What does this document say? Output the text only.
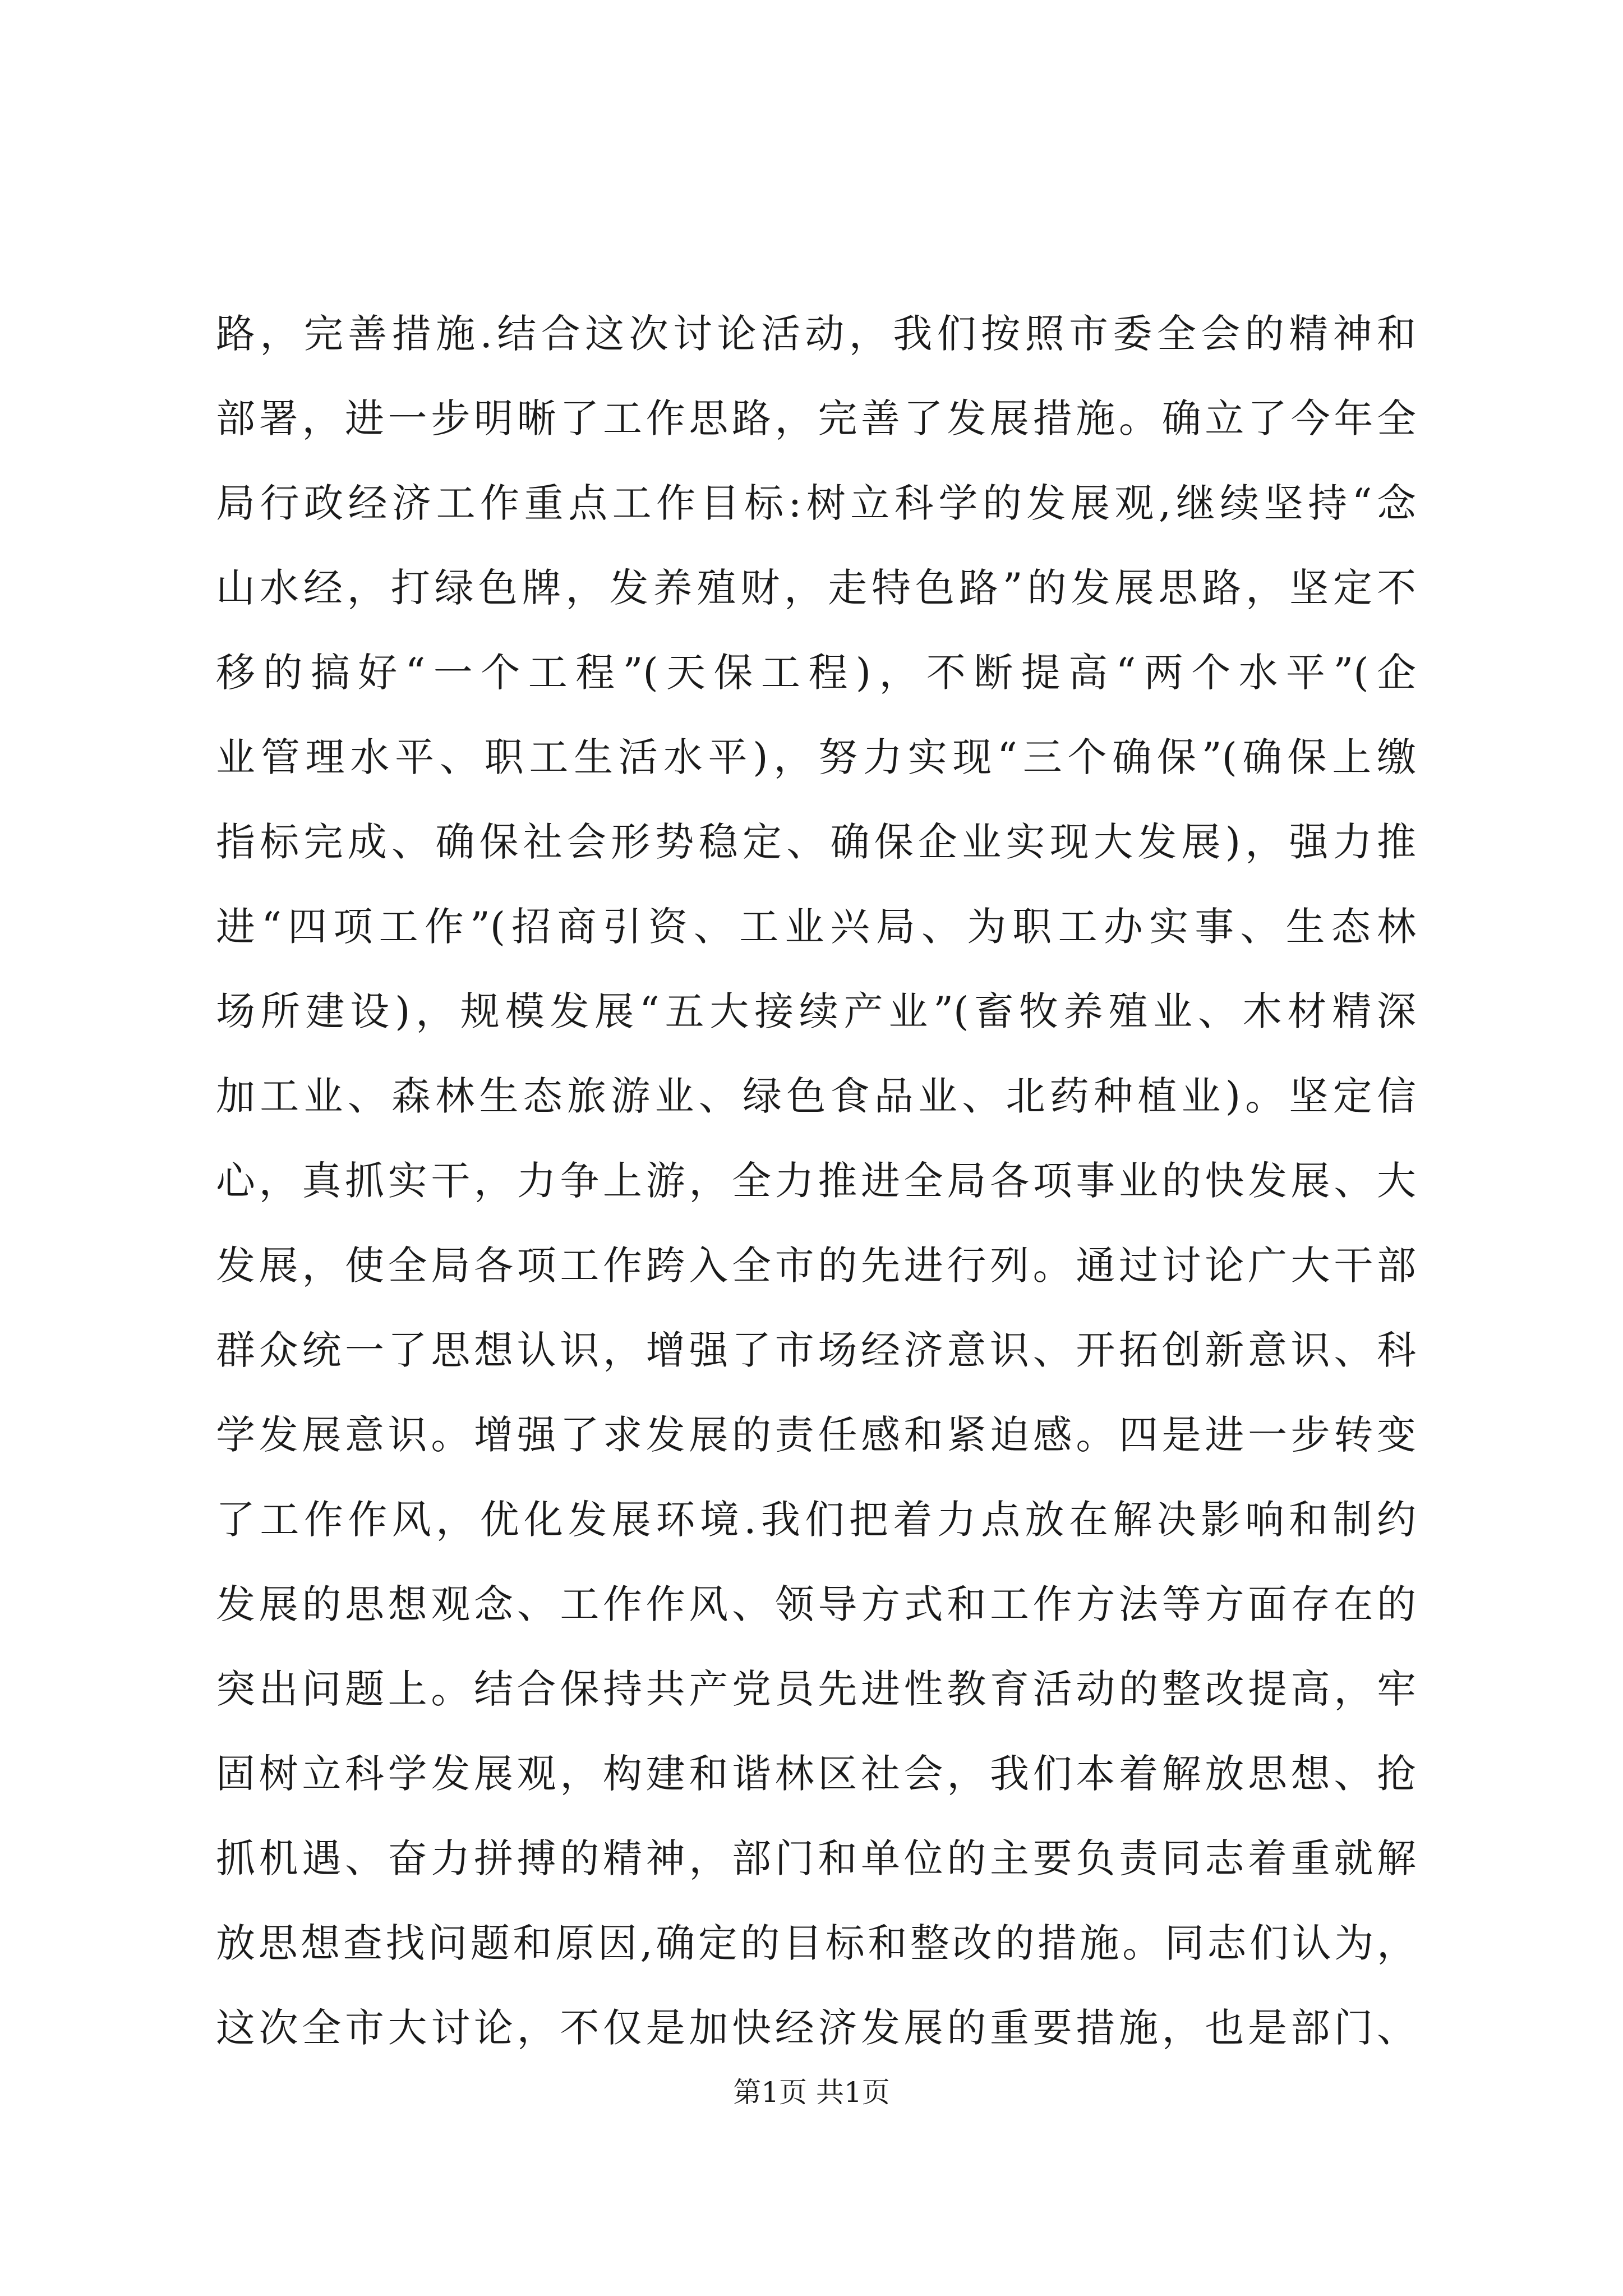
路，完善措施.结合这次讨论活动，我们按照市委全会的精神和
部署，进一步明晰了工作思路，完善了发展措施。确立了今年全
局行政经济工作重点工作目标:树立科学的发展观,继续坚持“念
山水经，打绿色牌，发养殖财，走特色路”的发展思路，坚定不
移的搞好“一个工程”(天保工程)，不断提高“两个水平”(企
业管理水平、职工生活水平)，努力实现“三个确保”(确保上缴
指标完成、确保社会形势稳定、确保企业实现大发展)，强力推
进“四项工作”(招商引资、工业兴局、为职工办实事、生态林
场所建设)，规模发展“五大接续产业”(畜牧养殖业、木材精深
加工业、森林生态旅游业、绿色食品业、北药种植业)。坚定信
心，真抓实干，力争上游，全力推进全局各项事业的快发展、大
发展，使全局各项工作跨入全市的先进行列。通过讨论广大干部
群众统一了思想认识，增强了市场经济意识、开拓创新意识、科
学发展意识。增强了求发展的责任感和紧迫感。四是进一步转变
了工作作风，优化发展环境.我们把着力点放在解决影响和制约
发展的思想观念、工作作风、领导方式和工作方法等方面存在的
突出问题上。结合保持共产党员先进性教育活动的整改提高，牢
固树立科学发展观，构建和谐林区社会，我们本着解放思想、抢
抓机遇、奋力拼搏的精神，部门和单位的主要负责同志着重就解
放思想查找问题和原因,确定的目标和整改的措施。同志们认为，
这次全市大讨论，不仅是加快经济发展的重要措施，也是部门、
第1页 共1页
